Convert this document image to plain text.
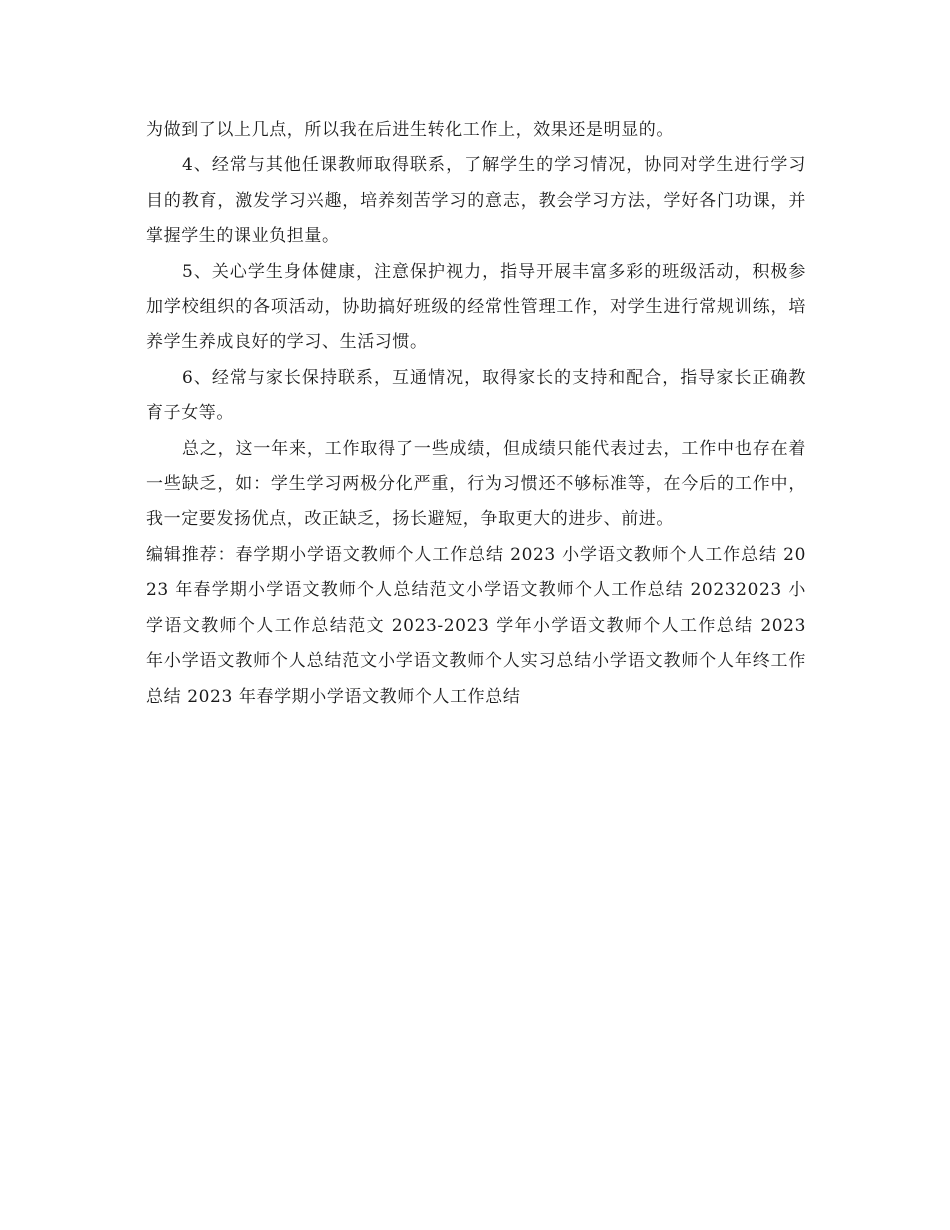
为做到了以上几点，所以我在后进生转化工作上，效果还是明显的。

4、经常与其他任课教师取得联系，了解学生的学习情况，协同对学生进行学习目的教育，激发学习兴趣，培养刻苦学习的意志，教会学习方法，学好各门功课，并掌握学生的课业负担量。

5、关心学生身体健康，注意保护视力，指导开展丰富多彩的班级活动，积极参加学校组织的各项活动，协助搞好班级的经常性管理工作，对学生进行常规训练，培养学生养成良好的学习、生活习惯。

6、经常与家长保持联系，互通情况，取得家长的支持和配合，指导家长正确教育子女等。

总之，这一年来，工作取得了一些成绩，但成绩只能代表过去，工作中也存在着一些缺乏，如：学生学习两极分化严重，行为习惯还不够标准等，在今后的工作中，我一定要发扬优点，改正缺乏，扬长避短，争取更大的进步、前进。

编辑推荐：春学期小学语文教师个人工作总结 2023 小学语文教师个人工作总结 2023 年春学期小学语文教师个人总结范文小学语文教师个人工作总结 20232023 小学语文教师个人工作总结范文 2023-2023 学年小学语文教师个人工作总结 2023 年小学语文教师个人总结范文小学语文教师个人实习总结小学语文教师个人年终工作总结 2023 年春学期小学语文教师个人工作总结
